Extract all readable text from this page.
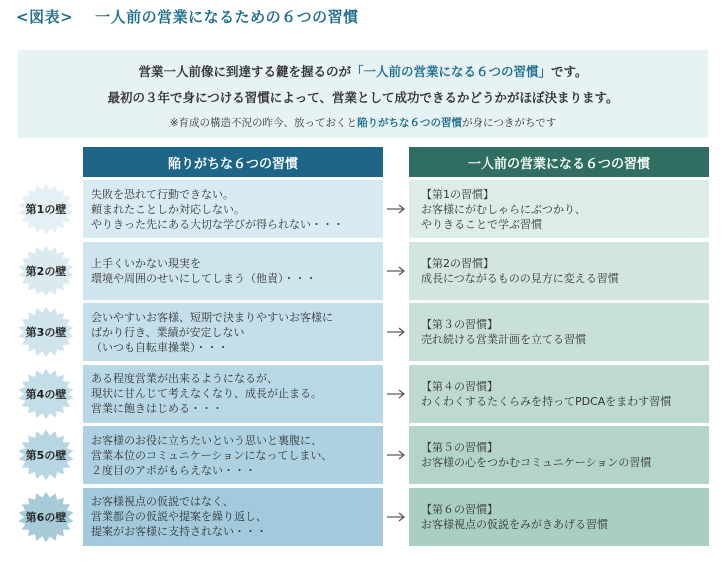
<図表> 一人前の営業になるための６つの習慣
営業一人前像に到達する鍵を握るのが「一人前の営業になる６つの習慣」です。
最初の３年で身につける習慣によって、営業として成功できるかどうかがほぼ決まります。
※育成の構造不況の昨今、放っておくと陥りがちな６つの習慣が身につきがちです
陥りがちな６つの習慣	一人前の営業になる６つの習慣
第1の壁
失敗を恐れて行動できない。
頼まれたことしか対応しない。
やりきった先にある大切な学びが得られない・・・
【第1の習慣】
お客様にがむしゃらにぶつかり、
やりきることで学ぶ習慣
第2の壁
上手くいかない現実を
環境や周囲のせいにしてしまう（他責）・・・
【第2の習慣】
成長につながるものの見方に変える習慣
第3の壁
会いやすいお客様、短期で決まりやすいお客様に
ばかり行き、業績が安定しない
（いつも自転車操業）・・・
【第３の習慣】
売れ続ける営業計画を立てる習慣
第4の壁
ある程度営業が出来るようになるが、
現状に甘んじて考えなくなり、成長が止まる。
営業に飽きはじめる・・・
【第４の習慣】
わくわくするたくらみを持ってPDCAをまわす習慣
第5の壁
お客様のお役に立ちたいという思いと裏腹に、
営業本位のコミュニケーションになってしまい、
２度目のアポがもらえない・・・
【第５の習慣】
お客様の心をつかむコミュニケーションの習慣
第6の壁
お客様視点の仮説ではなく、
営業都合の仮説や提案を繰り返し、
提案がお客様に支持されない・・・
【第６の習慣】
お客様視点の仮説をみがきあげる習慣
